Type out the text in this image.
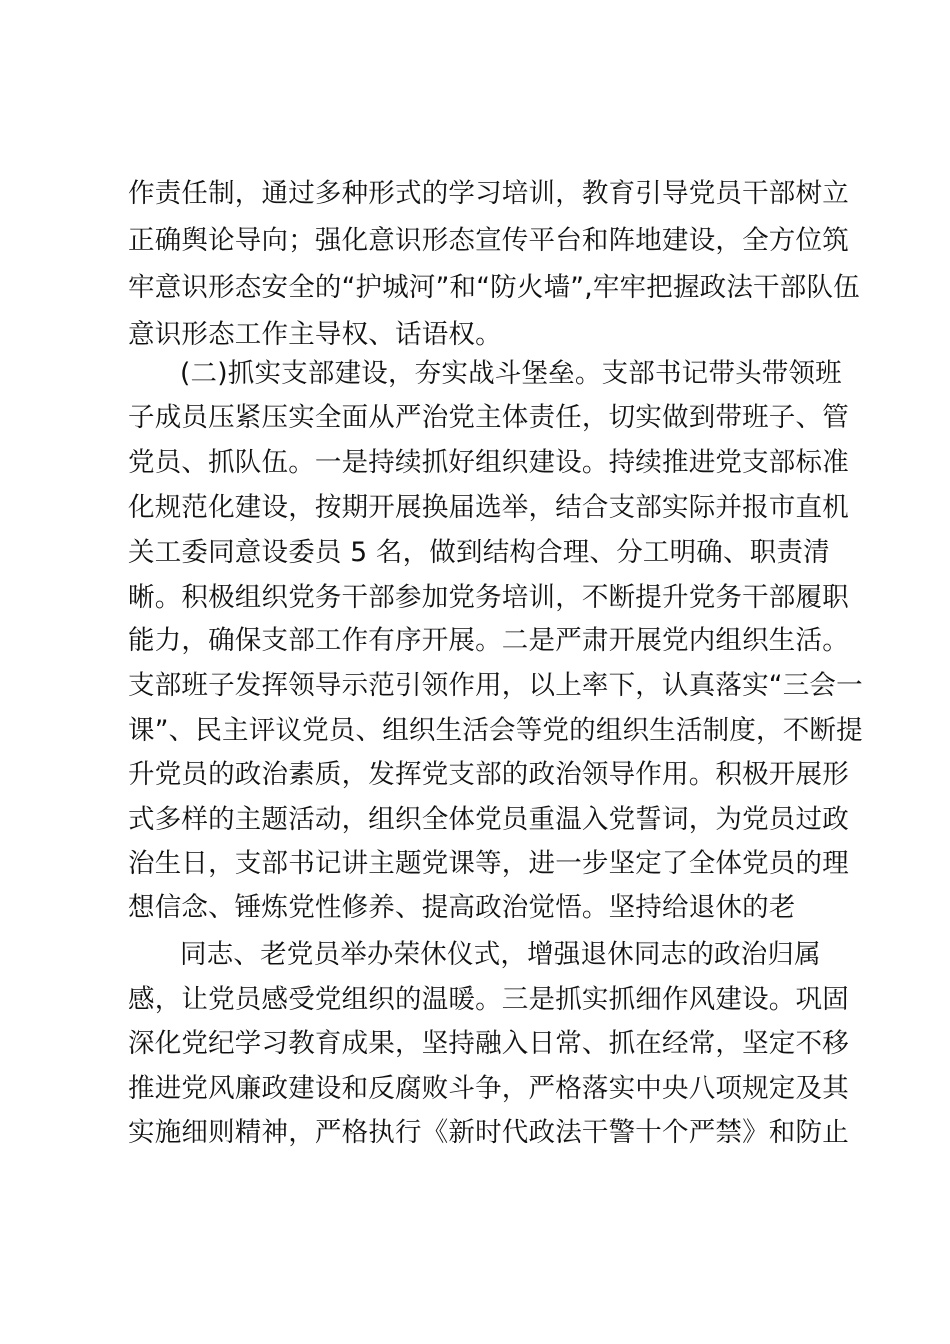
作责任制，通过多种形式的学习培训，教育引导党员干部树立
正确舆论导向；强化意识形态宣传平台和阵地建设，全方位筑
牢意识形态安全的“护城河”和“防火墙”,牢牢把握政法干部队伍
意识形态工作主导权、话语权。
(二)抓实支部建设，夯实战斗堡垒。支部书记带头带领班
子成员压紧压实全面从严治党主体责任，切实做到带班子、管
党员、抓队伍。一是持续抓好组织建设。持续推进党支部标准
化规范化建设，按期开展换届选举，结合支部实际并报市直机
关工委同意设委员 5 名，做到结构合理、分工明确、职责清
晰。积极组织党务干部参加党务培训，不断提升党务干部履职
能力，确保支部工作有序开展。二是严肃开展党内组织生活。
支部班子发挥领导示范引领作用，以上率下，认真落实“三会一
课”、民主评议党员、组织生活会等党的组织生活制度，不断提
升党员的政治素质，发挥党支部的政治领导作用。积极开展形
式多样的主题活动，组织全体党员重温入党誓词，为党员过政
治生日，支部书记讲主题党课等，进一步坚定了全体党员的理
想信念、锤炼党性修养、提高政治觉悟。坚持给退休的老
同志、老党员举办荣休仪式，增强退休同志的政治归属
感，让党员感受党组织的温暖。三是抓实抓细作风建设。巩固
深化党纪学习教育成果，坚持融入日常、抓在经常，坚定不移
推进党风廉政建设和反腐败斗争，严格落实中央八项规定及其
实施细则精神，严格执行《新时代政法干警十个严禁》和防止
